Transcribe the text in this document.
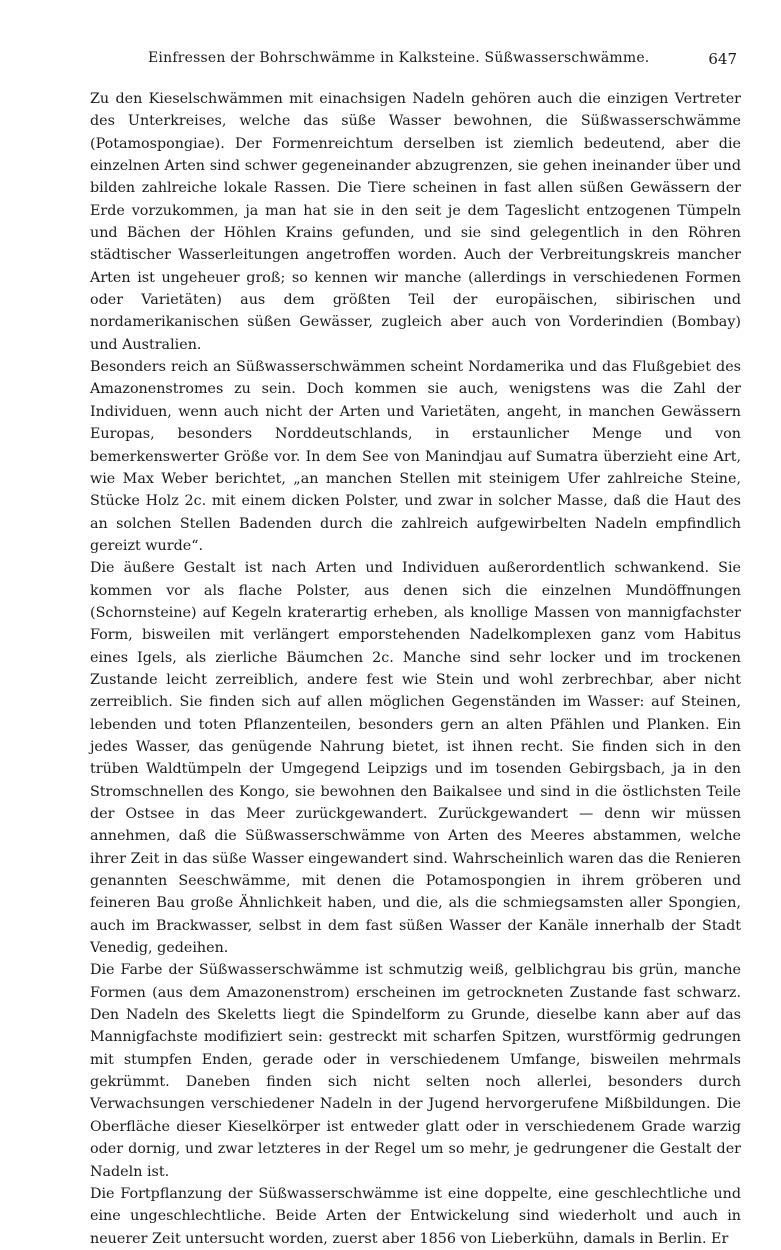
Einfressen der Bohrschwämme in Kalksteine. Süßwasserschwämme.	647

Zu den Kieselschwämmen mit einachsigen Nadeln gehören auch die einzigen Vertreter des Unterkreises, welche das süße Wasser bewohnen, die Süßwasserschwämme (Potamospongiae). Der Formenreichtum derselben ist ziemlich bedeutend, aber die einzelnen Arten sind schwer gegeneinander abzugrenzen, sie gehen ineinander über und bilden zahlreiche lokale Rassen. Die Tiere scheinen in fast allen süßen Gewässern der Erde vorzukommen, ja man hat sie in den seit je dem Tageslicht entzogenen Tümpeln und Bächen der Höhlen Krains gefunden, und sie sind gelegentlich in den Röhren städtischer Wasserleitungen angetroffen worden. Auch der Verbreitungskreis mancher Arten ist ungeheuer groß; so kennen wir manche (allerdings in verschiedenen Formen oder Varietäten) aus dem größten Teil der europäischen, sibirischen und nordamerikanischen süßen Gewässer, zugleich aber auch von Vorderindien (Bombay) und Australien.

Besonders reich an Süßwasserschwämmen scheint Nordamerika und das Flußgebiet des Amazonenstromes zu sein. Doch kommen sie auch, wenigstens was die Zahl der Individuen, wenn auch nicht der Arten und Varietäten, angeht, in manchen Gewässern Europas, besonders Norddeutschlands, in erstaunlicher Menge und von bemerkenswerter Größe vor. In dem See von Manindjau auf Sumatra überzieht eine Art, wie Max Weber berichtet, „an manchen Stellen mit steinigem Ufer zahlreiche Steine, Stücke Holz 2c. mit einem dicken Polster, und zwar in solcher Masse, daß die Haut des an solchen Stellen Badenden durch die zahlreich aufgewirbelten Nadeln empfindlich gereizt wurde“.

Die äußere Gestalt ist nach Arten und Individuen außerordentlich schwankend. Sie kommen vor als flache Polster, aus denen sich die einzelnen Mundöffnungen (Schornsteine) auf Kegeln kraterartig erheben, als knollige Massen von mannigfachster Form, bisweilen mit verlängert emporstehenden Nadelkomplexen ganz vom Habitus eines Igels, als zierliche Bäumchen 2c. Manche sind sehr locker und im trockenen Zustande leicht zerreiblich, andere fest wie Stein und wohl zerbrechbar, aber nicht zerreiblich. Sie finden sich auf allen möglichen Gegenständen im Wasser: auf Steinen, lebenden und toten Pflanzenteilen, besonders gern an alten Pfählen und Planken. Ein jedes Wasser, das genügende Nahrung bietet, ist ihnen recht. Sie finden sich in den trüben Waldtümpeln der Umgegend Leipzigs und im tosenden Gebirgsbach, ja in den Stromschnellen des Kongo, sie bewohnen den Baikalsee und sind in die östlichsten Teile der Ostsee in das Meer zurückgewandert. Zurückgewandert — denn wir müssen annehmen, daß die Süßwasserschwämme von Arten des Meeres abstammen, welche ihrer Zeit in das süße Wasser eingewandert sind. Wahrscheinlich waren das die Renieren genannten Seeschwämme, mit denen die Potamospongien in ihrem gröberen und feineren Bau große Ähnlichkeit haben, und die, als die schmiegsamsten aller Spongien, auch im Brackwasser, selbst in dem fast süßen Wasser der Kanäle innerhalb der Stadt Venedig, gedeihen.

Die Farbe der Süßwasserschwämme ist schmutzig weiß, gelblichgrau bis grün, manche Formen (aus dem Amazonenstrom) erscheinen im getrockneten Zustande fast schwarz. Den Nadeln des Skeletts liegt die Spindelform zu Grunde, dieselbe kann aber auf das Mannigfachste modifiziert sein: gestreckt mit scharfen Spitzen, wurstförmig gedrungen mit stumpfen Enden, gerade oder in verschiedenem Umfange, bisweilen mehrmals gekrümmt. Daneben finden sich nicht selten noch allerlei, besonders durch Verwachsungen verschiedener Nadeln in der Jugend hervorgerufene Mißbildungen. Die Oberfläche dieser Kieselkörper ist entweder glatt oder in verschiedenem Grade warzig oder dornig, und zwar letzteres in der Regel um so mehr, je gedrungener die Gestalt der Nadeln ist.

Die Fortpflanzung der Süßwasserschwämme ist eine doppelte, eine geschlechtliche und eine ungeschlechtliche. Beide Arten der Entwickelung sind wiederholt und auch in neuerer Zeit untersucht worden, zuerst aber 1856 von Lieberkühn, damals in Berlin. Er
